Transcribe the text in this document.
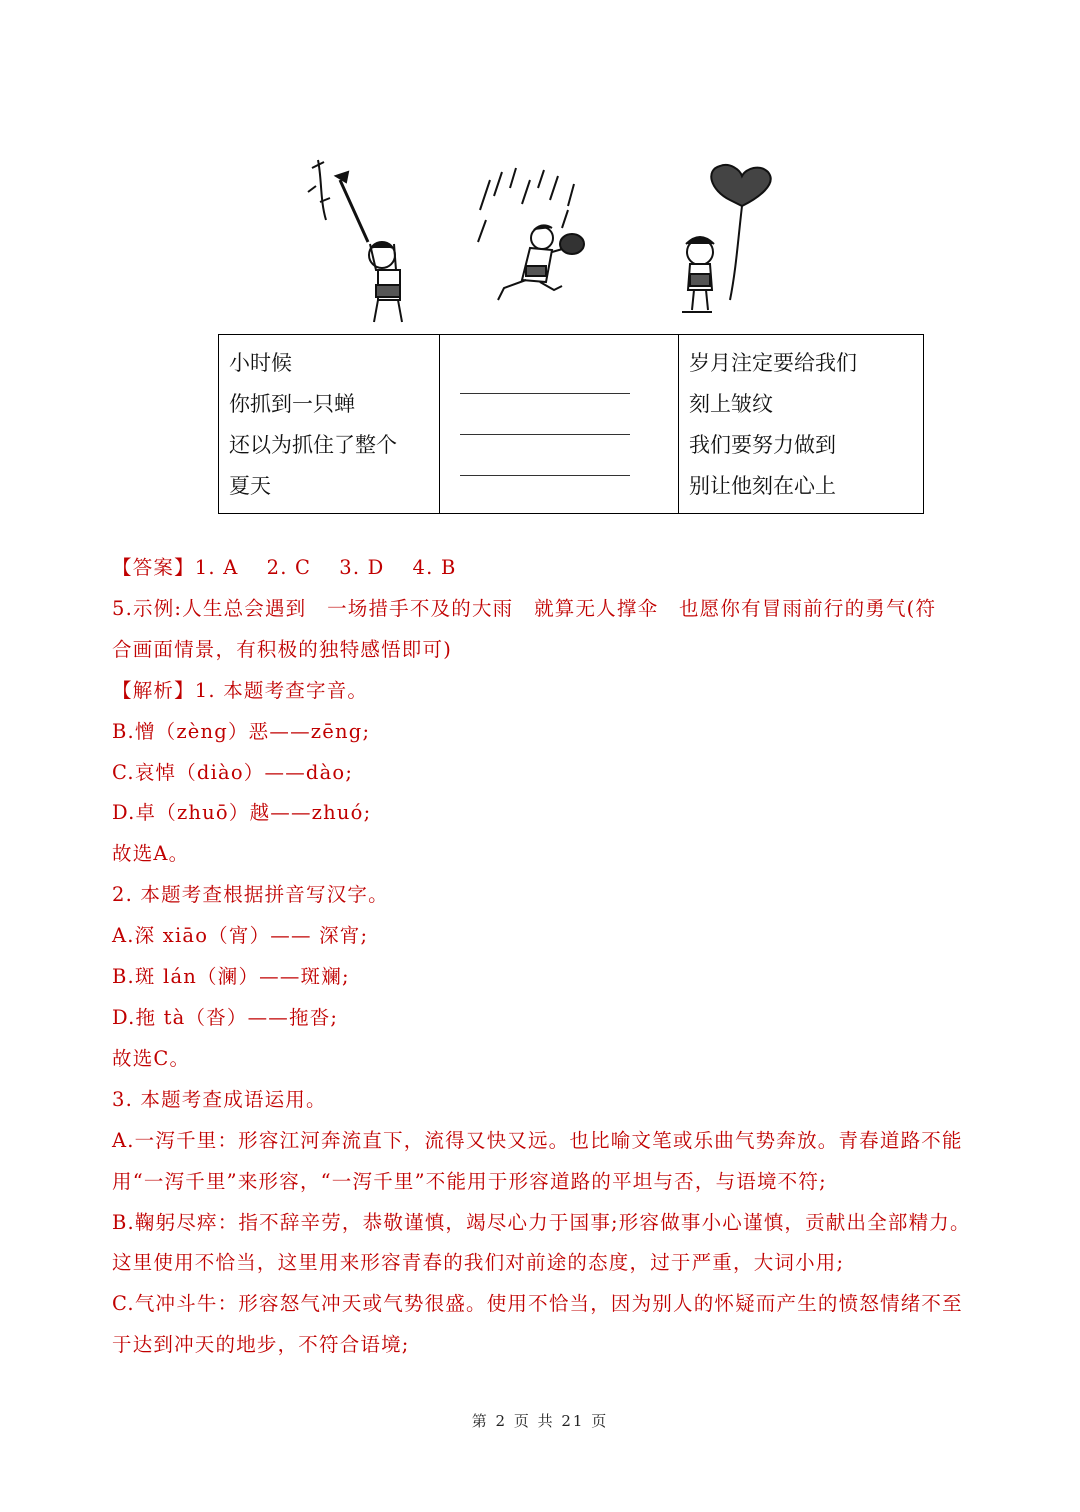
小时候
你抓到一只蝉
还以为抓住了整个
夏天

岁月注定要给我们
刻上皱纹
我们要努力做到
别让他刻在心上
【答案】1. A　 2. C　 3. D　 4. B
5.示例:人生总会遇到　一场措手不及的大雨　就算无人撑伞　也愿你有冒雨前行的勇气(符
合画面情景，有积极的独特感悟即可)
【解析】1. 本题考查字音。
B.憎（zèng）恶——zēng;
C.哀悼（diào）——dào;
D.卓（zhuō）越——zhuó;
故选A。
2. 本题考查根据拼音写汉字。
A.深 xiāo（宵）—— 深宵;
B.斑 lán（澜）——斑斓;
D.拖 tà（沓）——拖沓;
故选C。
3. 本题考查成语运用。
A.一泻千里：形容江河奔流直下，流得又快又远。也比喻文笔或乐曲气势奔放。青春道路不能
用“一泻千里”来形容，“一泻千里”不能用于形容道路的平坦与否，与语境不符;
B.鞠躬尽瘁：指不辞辛劳，恭敬谨慎，竭尽心力于国事;形容做事小心谨慎，贡献出全部精力。
这里使用不恰当，这里用来形容青春的我们对前途的态度，过于严重，大词小用;
C.气冲斗牛：形容怒气冲天或气势很盛。使用不恰当，因为别人的怀疑而产生的愤怒情绪不至
于达到冲天的地步，不符合语境;
第 2 页 共 21 页
